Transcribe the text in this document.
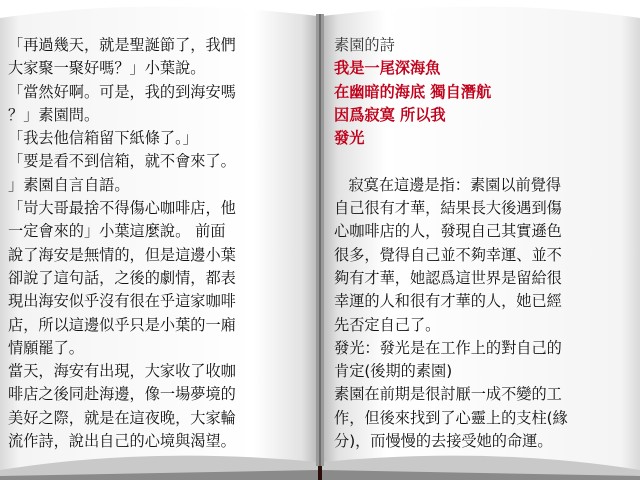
「再過幾天，就是聖誕節了，我們
大家聚一聚好嗎？」小葉說。
「當然好啊。可是，我的到海安嗎
？」素園問。
「我去他信箱留下紙條了。」
「要是看不到信箱，就不會來了。
」素園自言自語。
「岢大哥最捨不得傷心咖啡店，他
一定會來的」小葉這麼說。 前面
說了海安是無情的，但是這邊小葉
卻說了這句話，之後的劇情，都表
現出海安似乎沒有很在乎這家咖啡
店，所以這邊似乎只是小葉的一廂
情願罷了。
當天，海安有出現，大家收了收咖
啡店之後同赴海邊，像一場夢境的
美好之際，就是在這夜晚，大家輪
流作詩，說出自己的心境與渴望。
素園的詩
我是一尾深海魚
在幽暗的海底 獨自潛航
因爲寂寞 所以我
發光
寂寞在這邊是指：素園以前覺得
自己很有才華，結果長大後遇到傷
心咖啡店的人，發現自己其實遜色
很多，覺得自己並不夠幸運、並不
夠有才華，她認爲這世界是留給很
幸運的人和很有才華的人，她已經
先否定自己了。
發光：發光是在工作上的對自己的
肯定(後期的素園)
素園在前期是很討厭一成不變的工
作，但後來找到了心靈上的支柱(緣
分)，而慢慢的去接受她的命運。
